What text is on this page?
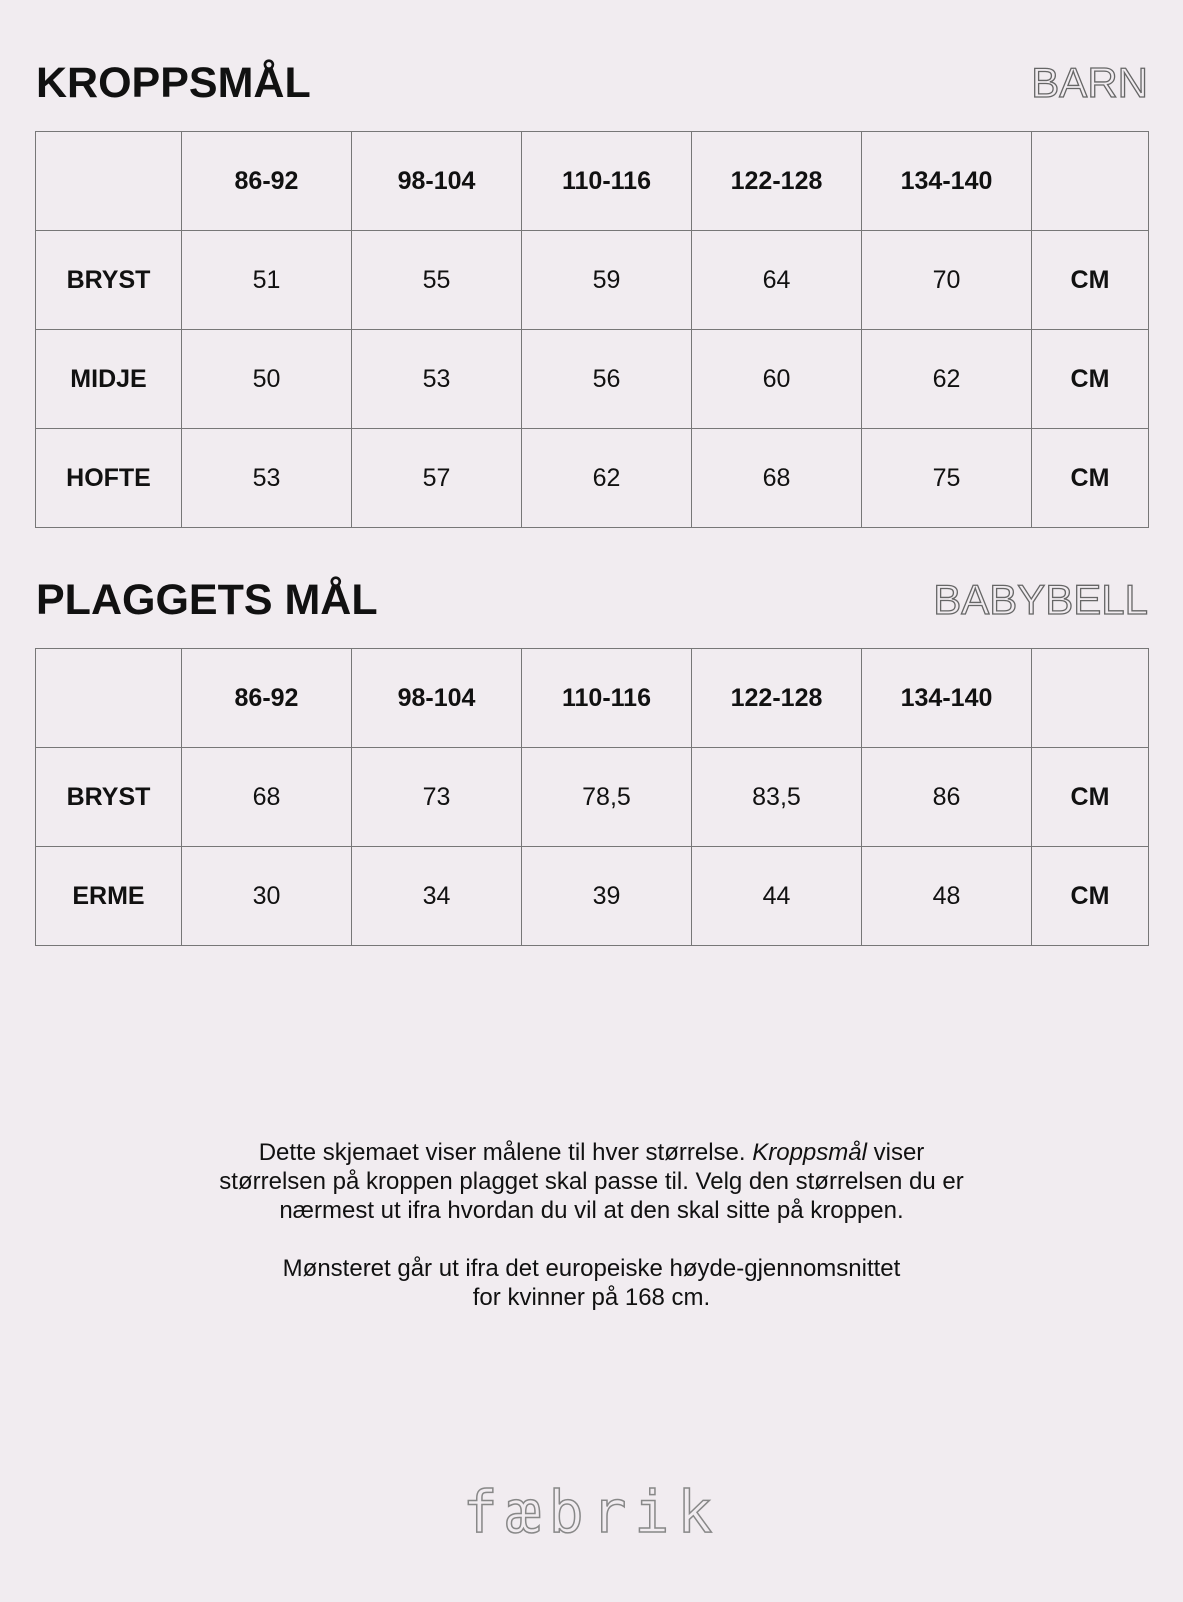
KROPPSMÅL	BARN
	86-92	98-104	110-116	122-128	134-140	
BRYST	51	55	59	64	70	CM
MIDJE	50	53	56	60	62	CM
HOFTE	53	57	62	68	75	CM
PLAGGETS MÅL	BABYBELL
	86-92	98-104	110-116	122-128	134-140	
BRYST	68	73	78,5	83,5	86	CM
ERME	30	34	39	44	48	CM

Dette skjemaet viser målene til hver størrelse. Kroppsmål viser
størrelsen på kroppen plagget skal passe til. Velg den størrelsen du er
nærmest ut ifra hvordan du vil at den skal sitte på kroppen.

Mønsteret går ut ifra det europeiske høyde-gjennomsnittet
for kvinner på 168 cm.

fæbrik
